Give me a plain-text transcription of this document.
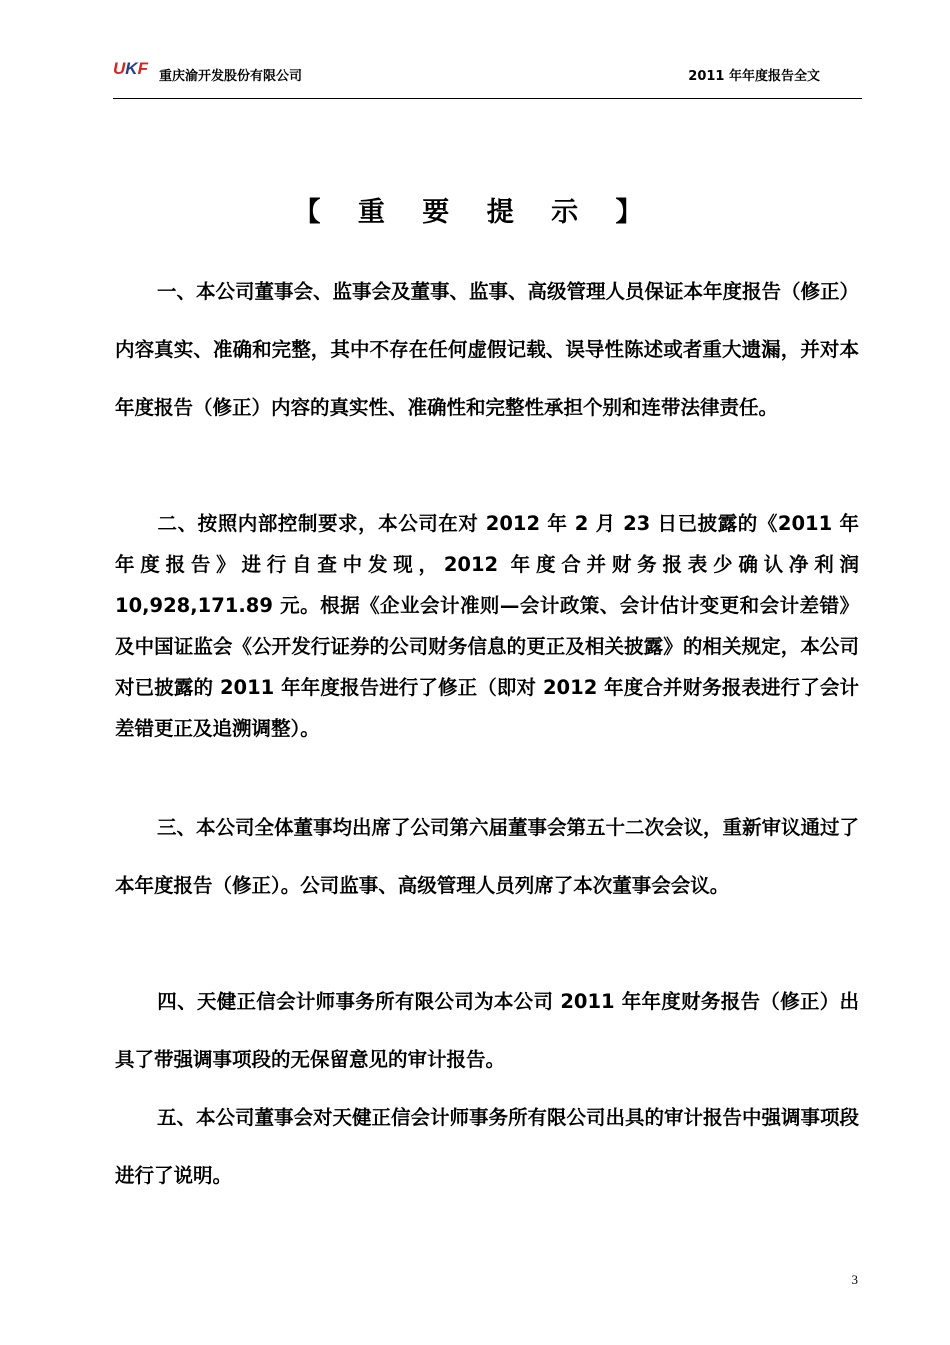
UKF 重庆渝开发股份有限公司	2011 年年度报告全文
【 重 要 提 示 】

一、本公司董事会、监事会及董事、监事、高级管理人员保证本年度报告（修正）内容真实、准确和完整，其中不存在任何虚假记载、误导性陈述或者重大遗漏，并对本年度报告（修正）内容的真实性、准确性和完整性承担个别和连带法律责任。

二、按照内部控制要求，本公司在对 2012 年 2 月 23 日已披露的《2011 年年度报告》进行自查中发现，2012 年度合并财务报表少确认净利润 10,928,171.89 元。根据《企业会计准则—会计政策、会计估计变更和会计差错》及中国证监会《公开发行证券的公司财务信息的更正及相关披露》的相关规定，本公司对已披露的 2011 年年度报告进行了修正（即对 2012 年度合并财务报表进行了会计差错更正及追溯调整）。

三、本公司全体董事均出席了公司第六届董事会第五十二次会议，重新审议通过了本年度报告（修正）。公司监事、高级管理人员列席了本次董事会会议。

四、天健正信会计师事务所有限公司为本公司 2011 年年度财务报告（修正）出具了带强调事项段的无保留意见的审计报告。

五、本公司董事会对天健正信会计师事务所有限公司出具的审计报告中强调事项段进行了说明。

3
